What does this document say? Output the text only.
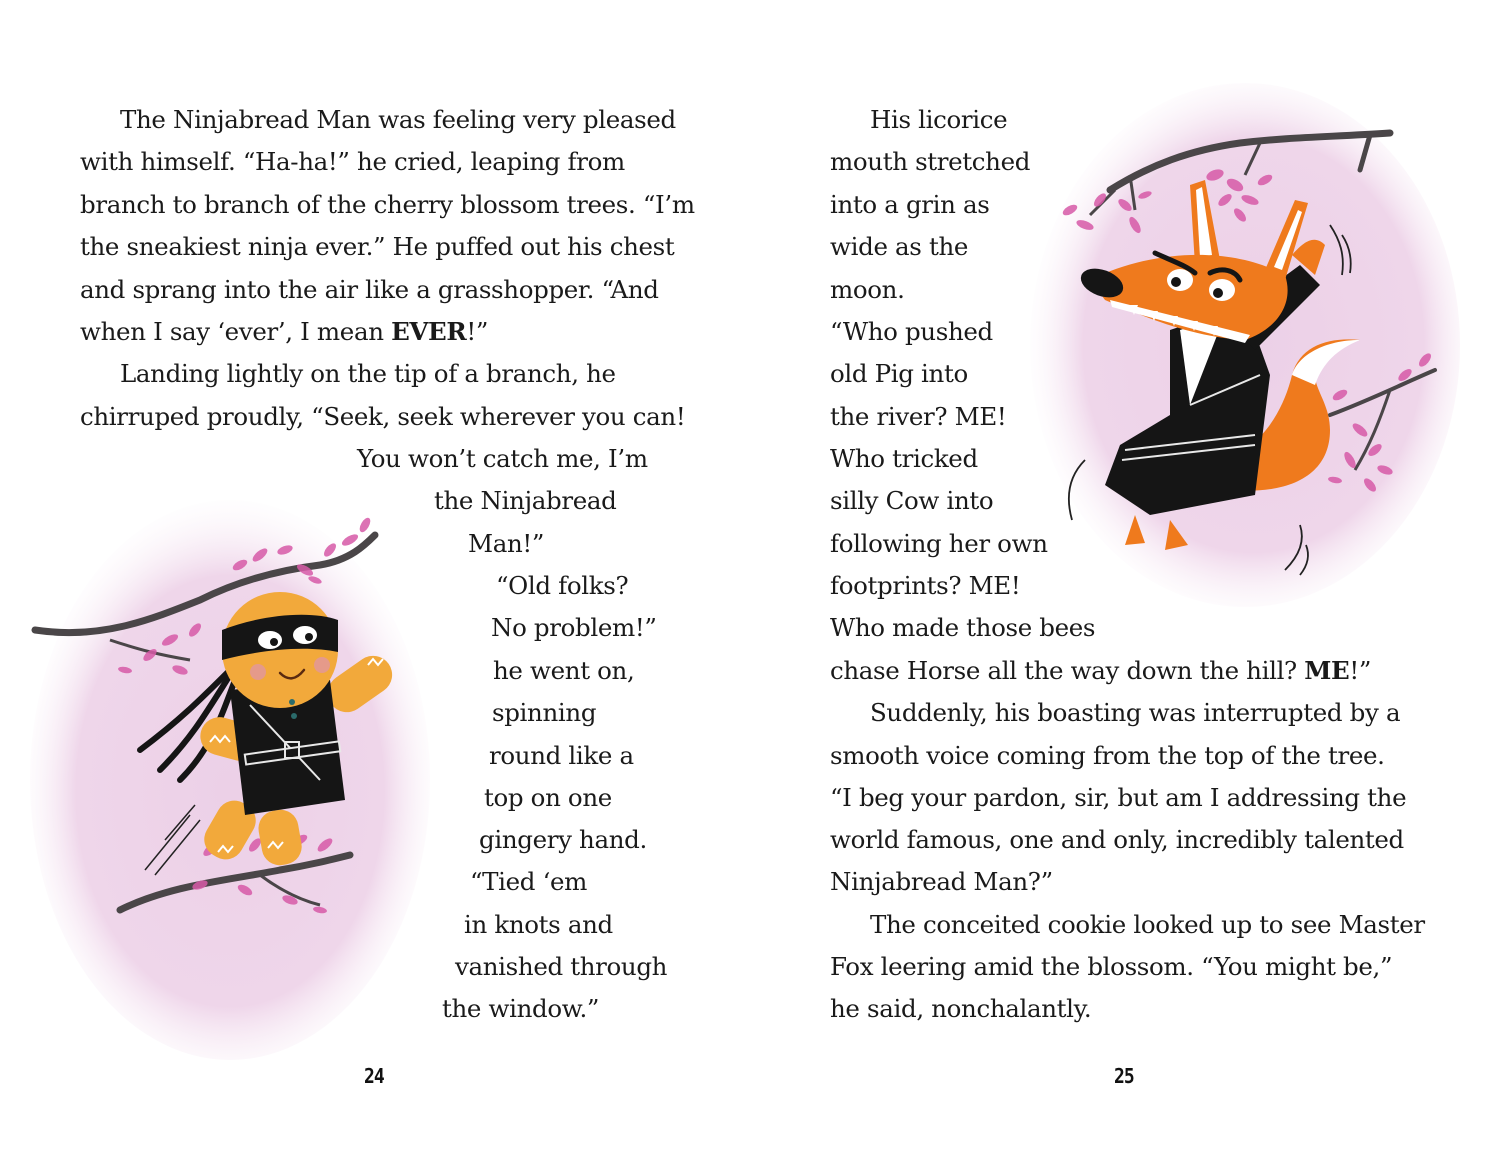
The Ninjabread Man was feeling very pleased
with himself. “Ha-ha!” he cried, leaping from
branch to branch of the cherry blossom trees. “I’m
the sneakiest ninja ever.” He puffed out his chest
and sprang into the air like a grasshopper. “And
when I say ‘ever’, I mean EVER!”
Landing lightly on the tip of a branch, he
chirruped proudly, “Seek, seek wherever you can!
You won’t catch me, I’m
the Ninjabread
Man!”
“Old folks?
No problem!”
he went on,
spinning
round like a
top on one
gingery hand.
“Tied ‘em
in knots and
vanished through
the window.”
24
His licorice
mouth stretched
into a grin as
wide as the
moon.
“Who pushed
old Pig into
the river? ME!
Who tricked
silly Cow into
following her own
footprints? ME!
Who made those bees
chase Horse all the way down the hill? ME!”
Suddenly, his boasting was interrupted by a
smooth voice coming from the top of the tree.
“I beg your pardon, sir, but am I addressing the
world famous, one and only, incredibly talented
Ninjabread Man?”
The conceited cookie looked up to see Master
Fox leering amid the blossom. “You might be,”
he said, nonchalantly.
25
